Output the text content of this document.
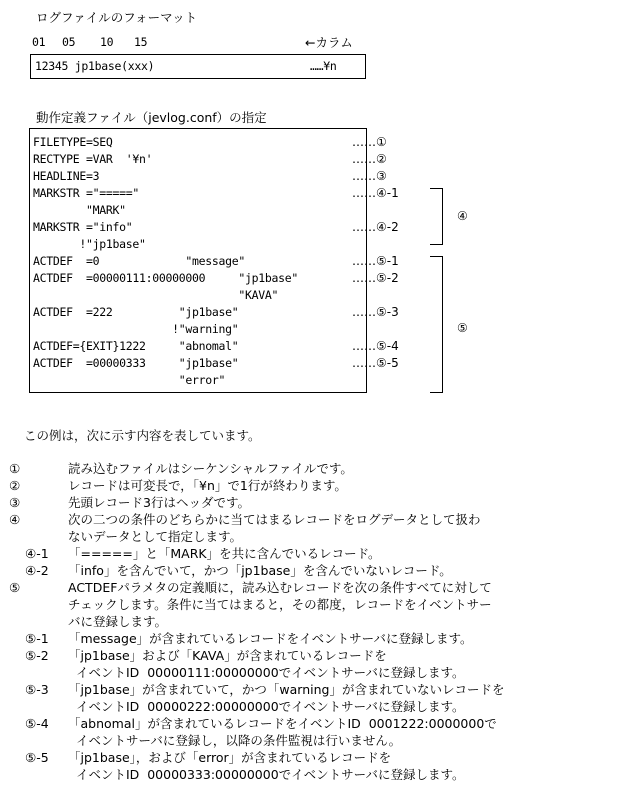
ログファイルのフォーマット
01 05 10 15	←カラム
12345 jp1base(xxx)	……¥n
動作定義ファイル（jevlog.conf）の指定
FILETYPE=SEQ
RECTYPE =VAR  '¥n'
HEADLINE=3
MARKSTR ="====="
"MARK"
MARKSTR ="info"
!"jp1base"
ACTDEF  =0             "message"
ACTDEF  =00000111:00000000     "jp1base"
"KAVA"
ACTDEF  =222          "jp1base"
!"warning"
ACTDEF={EXIT}1222     "abnomal"
ACTDEF  =00000333     "jp1base"
"error"
……①
……②
……③
……④-1
……④-2
……⑤-1
……⑤-2
……⑤-3
……⑤-4
……⑤-5
④
⑤
この例は，次に示す内容を表しています。
①	読み込むファイルはシーケンシャルファイルです。
②	レコードは可変長で，「¥n」で1行が終わります。
③	先頭レコード3行はヘッダです。
④	次の二つの条件のどちらかに当てはまるレコードをログデータとして扱わ
ないデータとして指定します。
④-1 「=====」と「MARK」を共に含んでいるレコード。
④-2 「info」を含んでいて，かつ「jp1base」を含んでいないレコード。
⑤	ACTDEFパラメタの定義順に，読み込むレコードを次の条件すべてに対して
チェックします。条件に当てはまると，その都度，レコードをイベントサー
バに登録します。
⑤-1 「message」が含まれているレコードをイベントサーバに登録します。
⑤-2 「jp1base」および「KAVA」が含まれているレコードを
イベントID  00000111:00000000でイベントサーバに登録します。
⑤-3 「jp1base」が含まれていて，かつ「warning」が含まれていないレコードを
イベントID  00000222:00000000でイベントサーバに登録します。
⑤-4 「abnomal」が含まれているレコードをイベントID  0001222:0000000で
イベントサーバに登録し，以降の条件監視は行いません。
⑤-5 「jp1base」，および「error」が含まれているレコードを
イベントID  00000333:00000000でイベントサーバに登録します。
